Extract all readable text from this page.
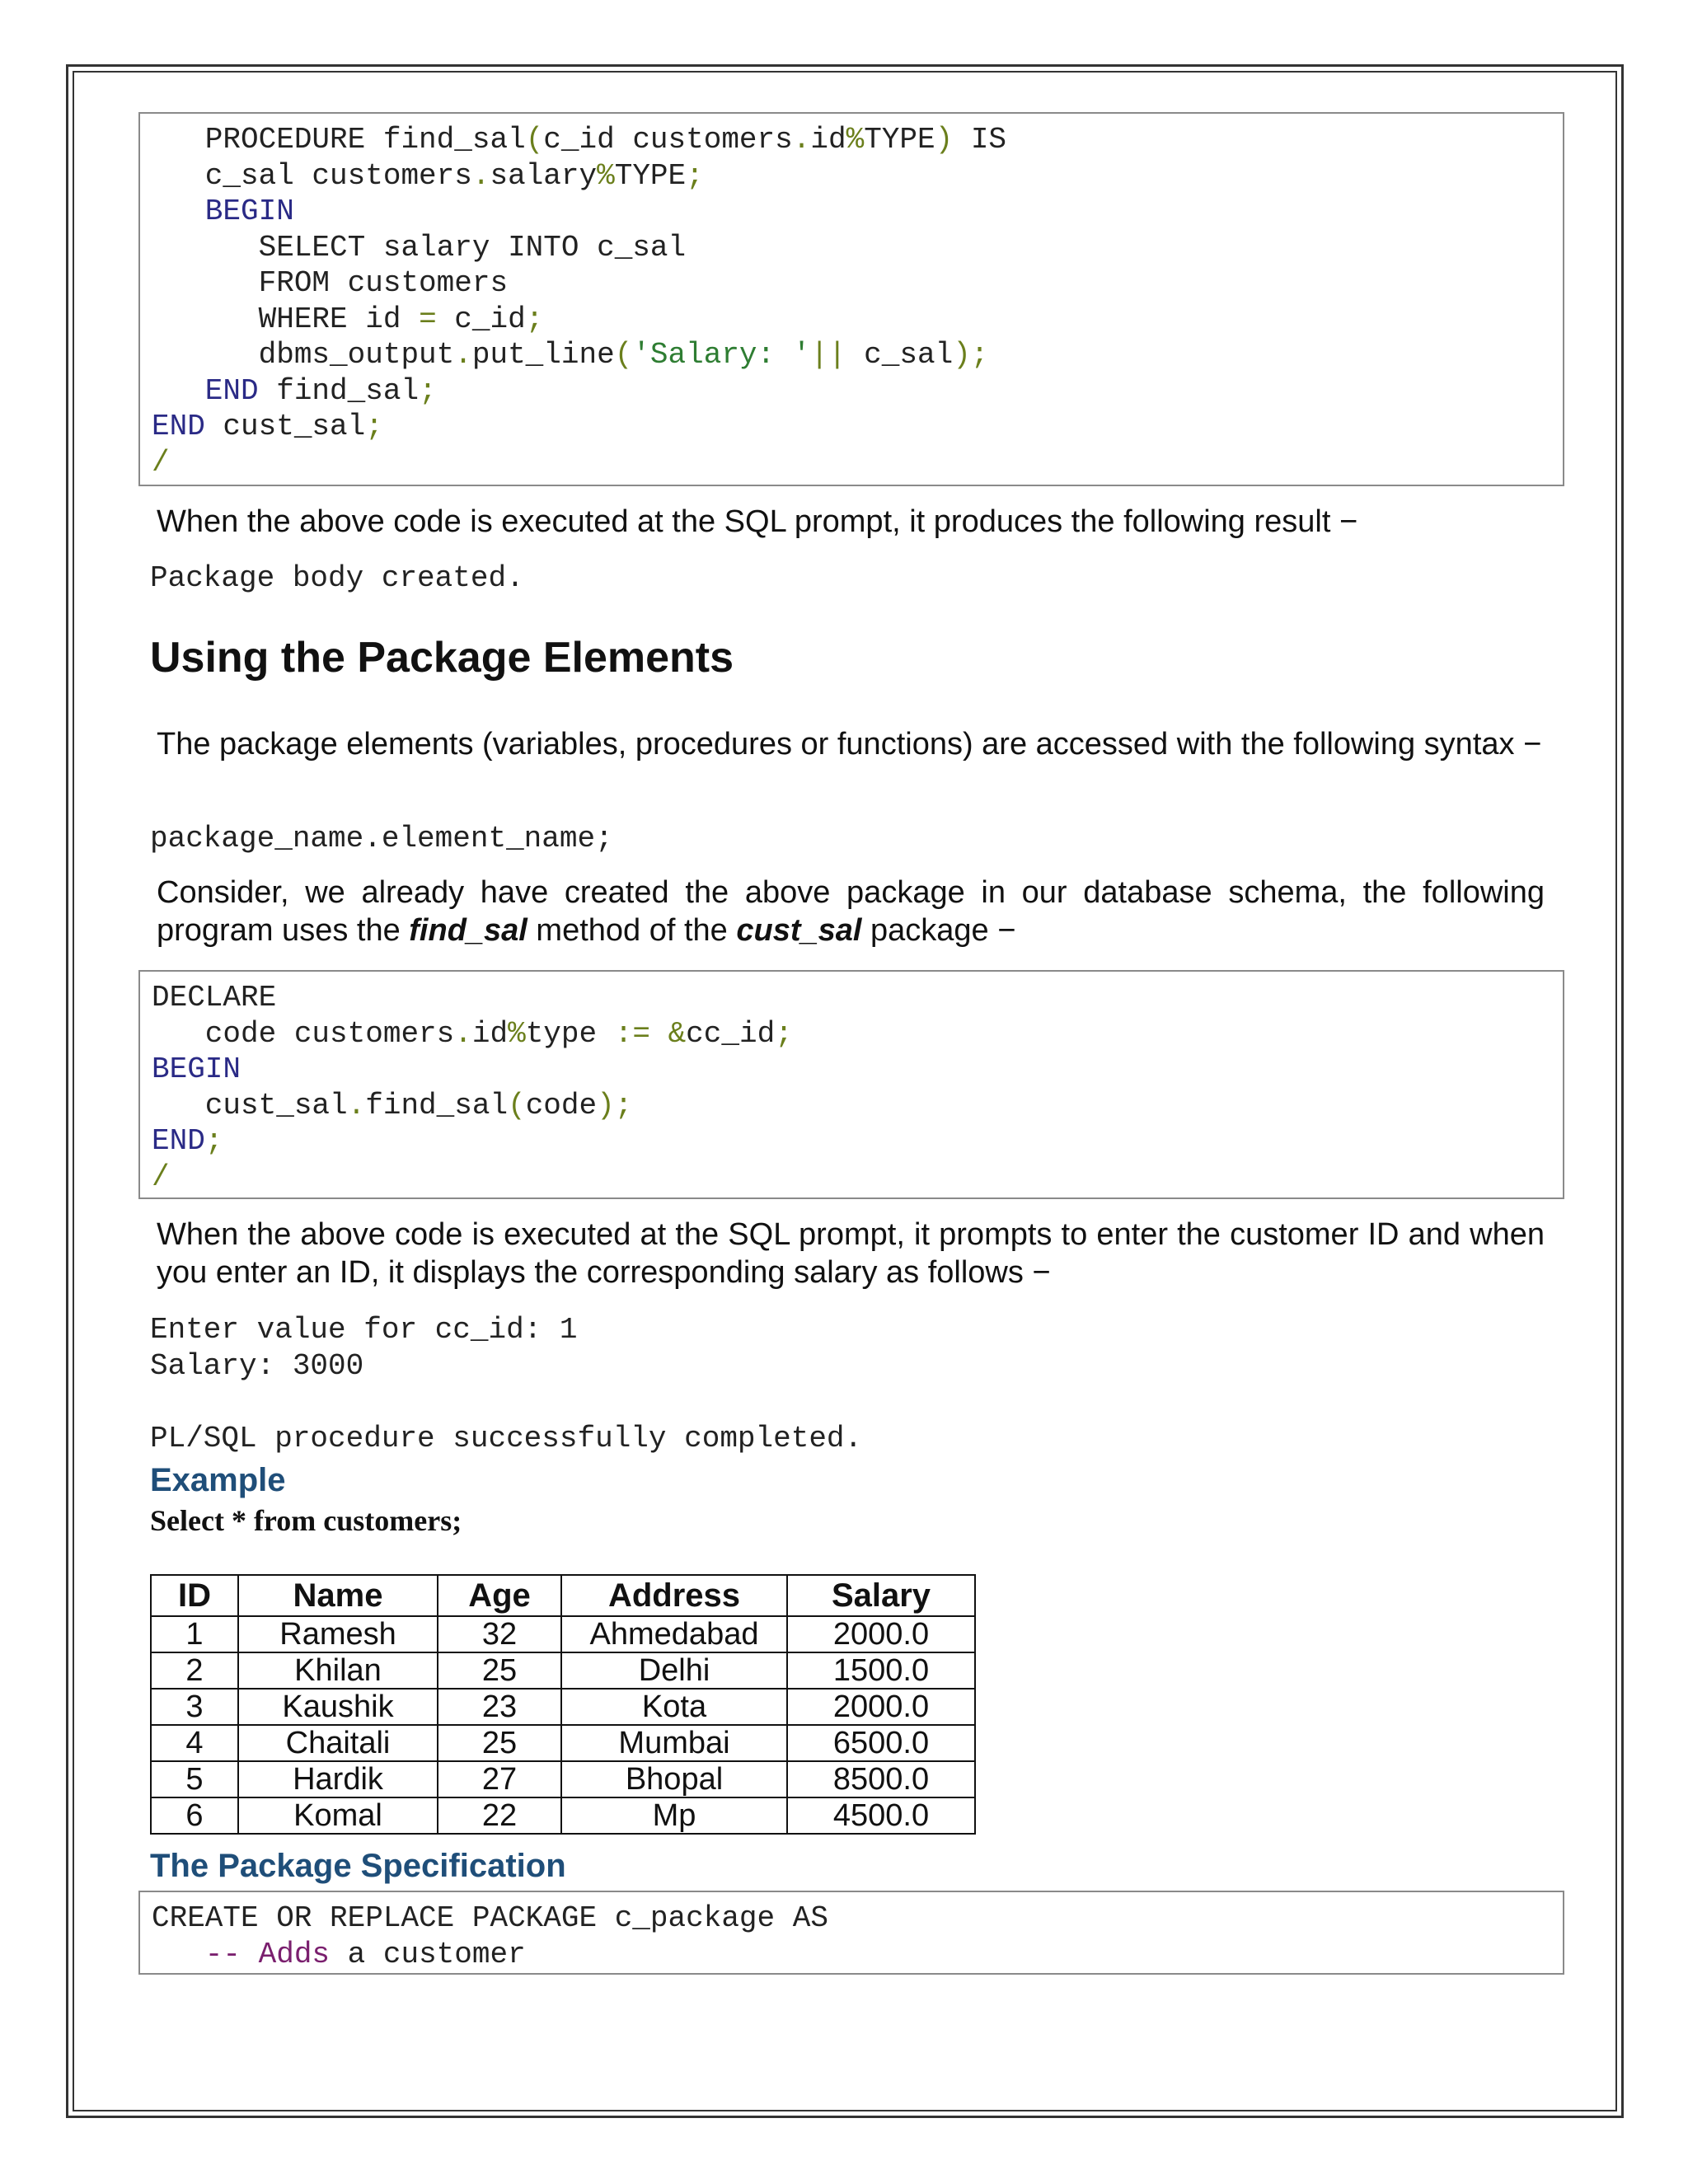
PROCEDURE find_sal(c_id customers.id%TYPE) IS
c_sal customers.salary%TYPE;
BEGIN
SELECT salary INTO c_sal
FROM customers
WHERE id = c_id;
dbms_output.put_line('Salary: '|| c_sal);
END find_sal;
END cust_sal;
/
When the above code is executed at the SQL prompt, it produces the following result −
Package body created.
Using the Package Elements
The package elements (variables, procedures or functions) are accessed with the following syntax −
package_name.element_name;
Consider, we already have created the above package in our database schema, the following program uses the find_sal method of the cust_sal package −
DECLARE
code customers.id%type := &cc_id;
BEGIN
cust_sal.find_sal(code);
END;
/
When the above code is executed at the SQL prompt, it prompts to enter the customer ID and when you enter an ID, it displays the corresponding salary as follows −
Enter value for cc_id: 1
Salary: 3000
PL/SQL procedure successfully completed.
Example
Select * from customers;
ID	Name	Age	Address	Salary
1	Ramesh	32	Ahmedabad	2000.0
2	Khilan	25	Delhi	1500.0
3	Kaushik	23	Kota	2000.0
4	Chaitali	25	Mumbai	6500.0
5	Hardik	27	Bhopal	8500.0
6	Komal	22	Mp	4500.0
The Package Specification
CREATE OR REPLACE PACKAGE c_package AS
-- Adds a customer
